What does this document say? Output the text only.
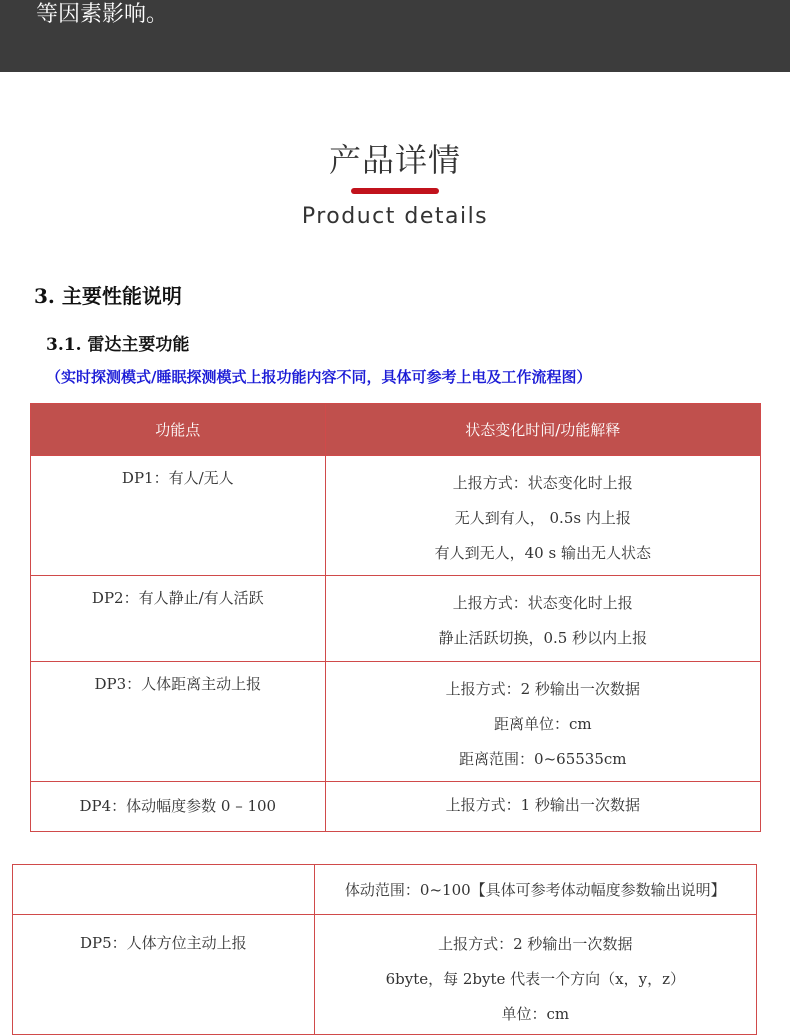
等因素影响。
产品详情
Product details
3. 主要性能说明
3.1. 雷达主要功能
（实时探测模式/睡眠探测模式上报功能内容不同，具体可参考上电及工作流程图）
功能点	状态变化时间/功能解释
DP1：有人/无人	上报方式：状态变化时上报
无人到有人， 0.5s 内上报
有人到无人，40 s 输出无人状态

DP2：有人静止/有人活跃	上报方式：状态变化时上报
静止活跃切换，0.5 秒以内上报

DP3：人体距离主动上报	上报方式：2 秒输出一次数据
距离单位：cm
距离范围：0~65535cm

DP4：体动幅度参数 0 – 100	上报方式：1 秒输出一次数据

	体动范围：0~100【具体可参考体动幅度参数输出说明】

DP5：人体方位主动上报	上报方式：2 秒输出一次数据
6byte，每 2byte 代表一个方向（x，y，z）
单位：cm
